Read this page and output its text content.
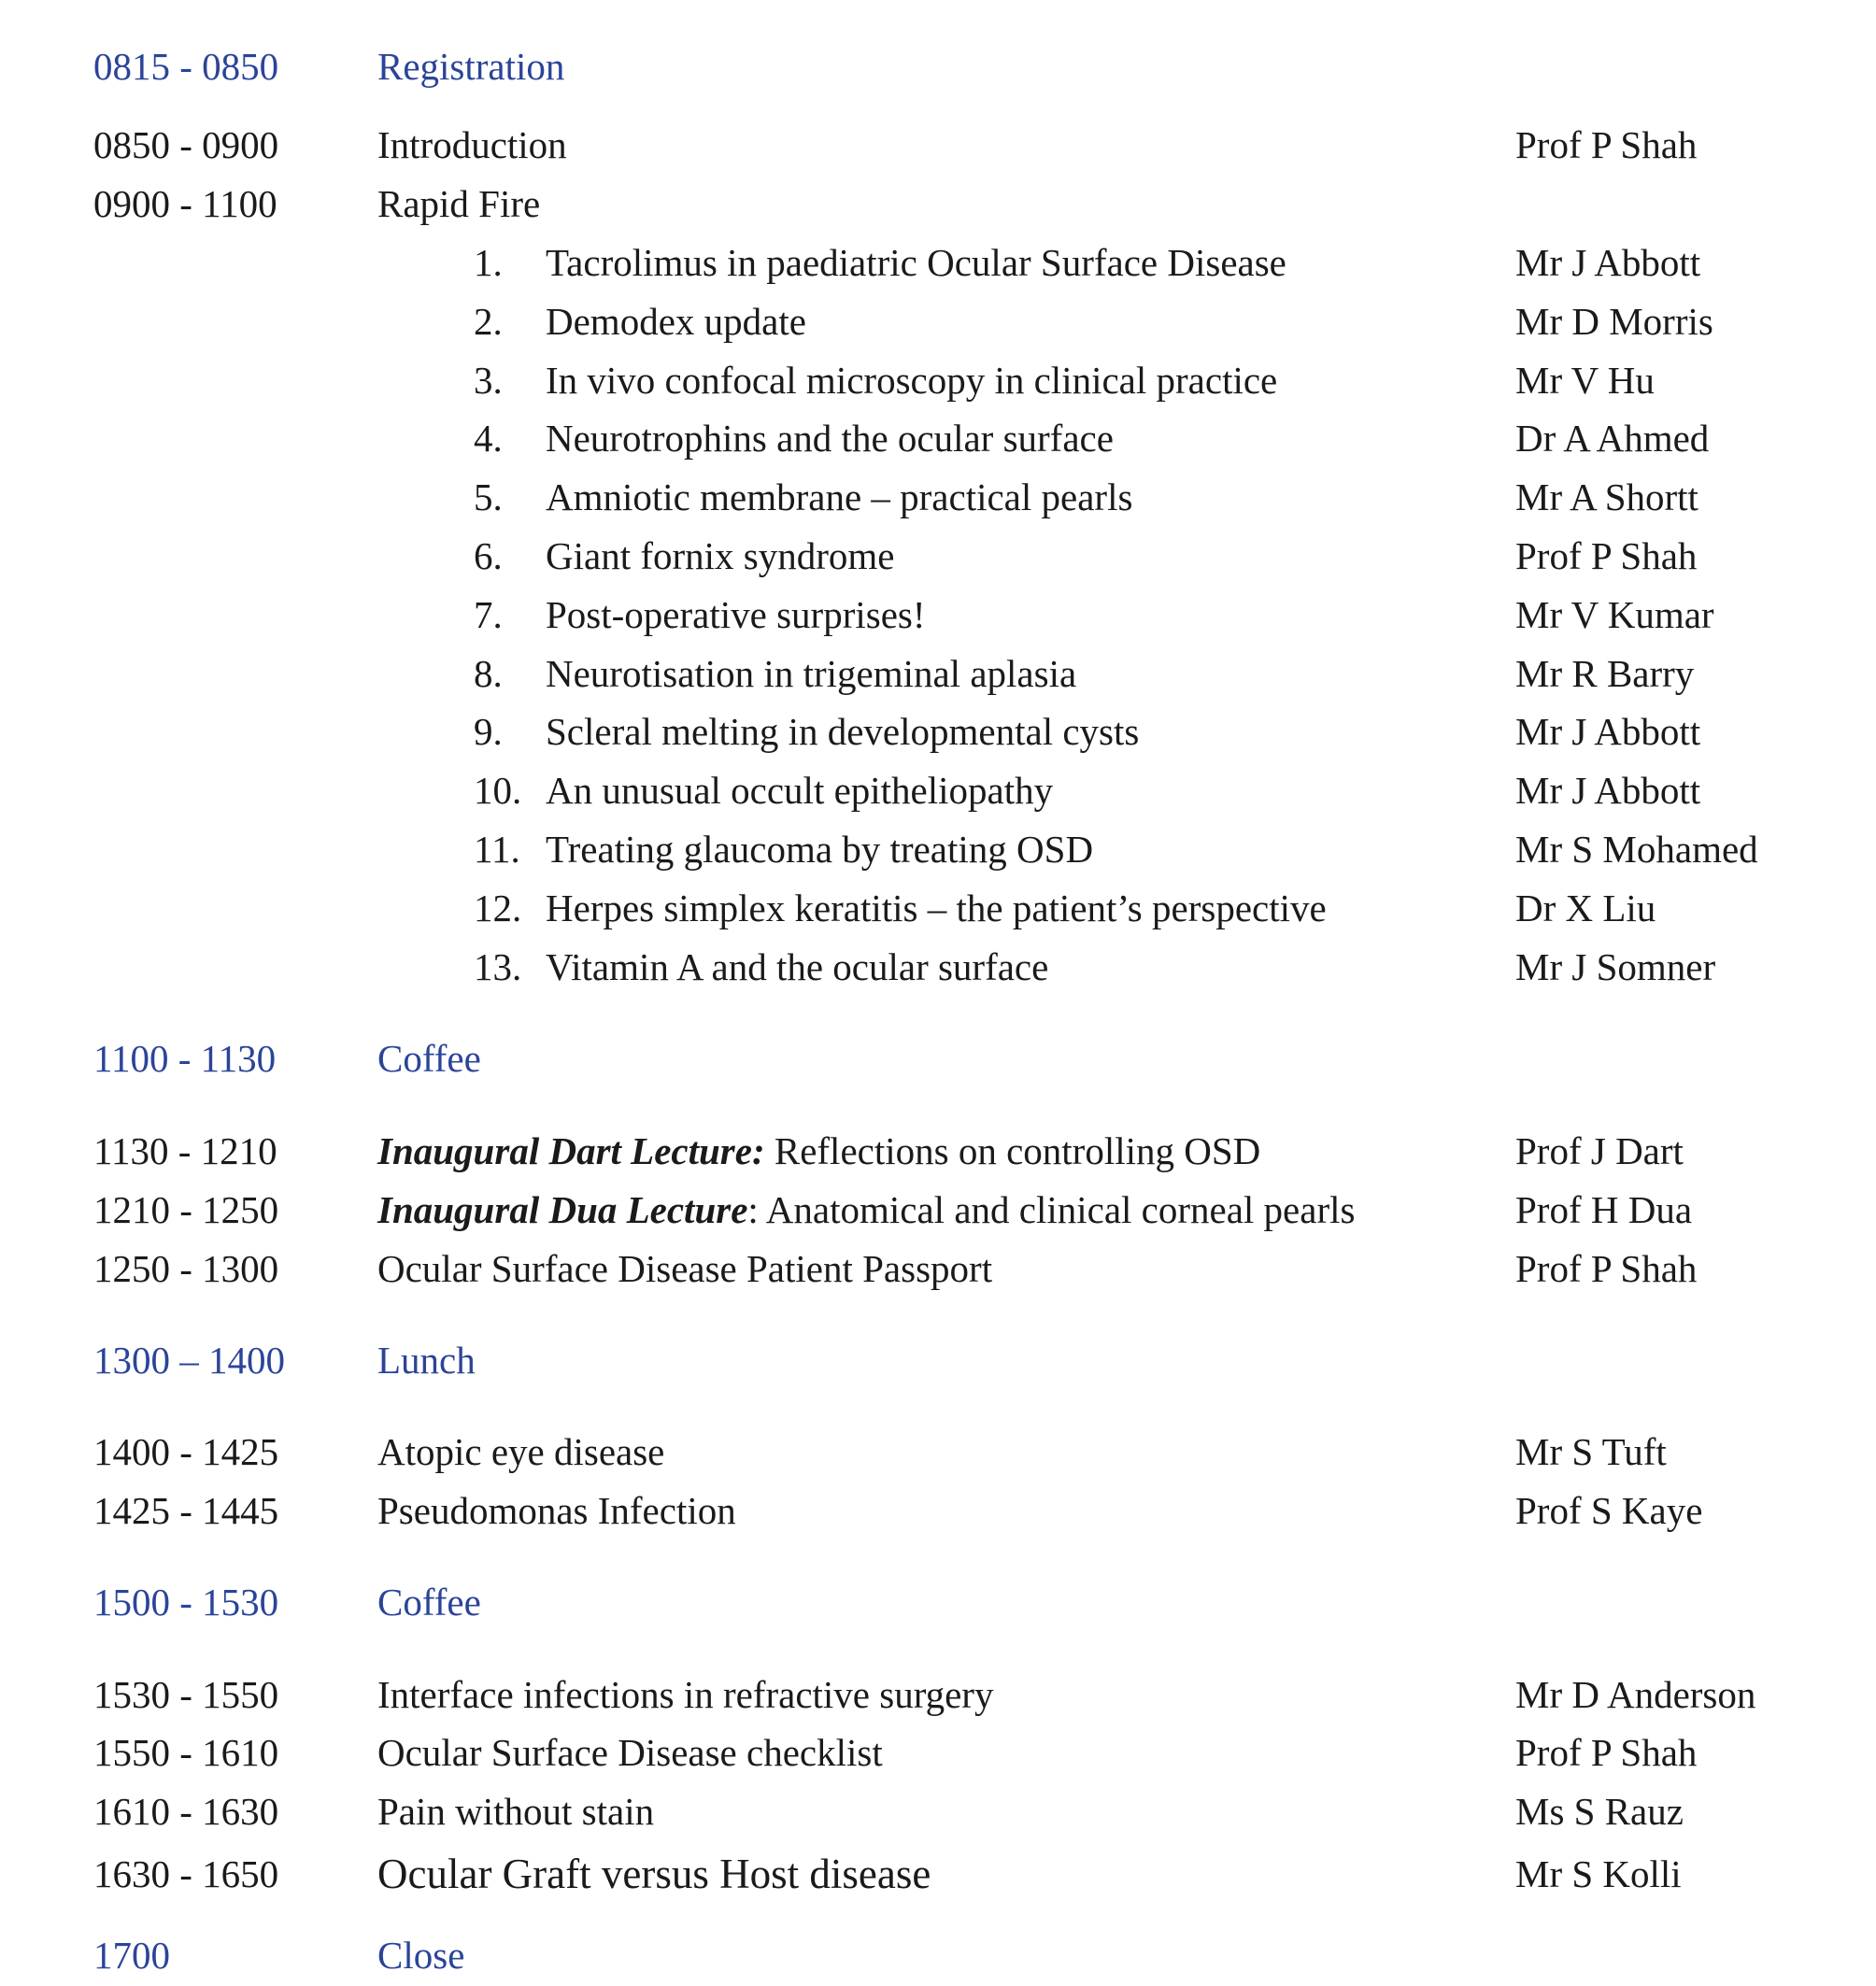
0815 - 0850	Registration
0850 - 0900	Introduction	Prof P Shah
0900 - 1100	Rapid Fire
1. Tacrolimus in paediatric Ocular Surface Disease	Mr J Abbott
2. Demodex update	Mr D Morris
3. In vivo confocal microscopy in clinical practice	Mr V Hu
4. Neurotrophins and the ocular surface	Dr A Ahmed
5. Amniotic membrane – practical pearls	Mr A Shortt
6. Giant fornix syndrome	Prof P Shah
7. Post-operative surprises!	Mr V Kumar
8. Neurotisation in trigeminal aplasia	Mr R Barry
9. Scleral melting in developmental cysts	Mr J Abbott
10. An unusual occult epitheliopathy	Mr J Abbott
11. Treating glaucoma by treating OSD	Mr S Mohamed
12. Herpes simplex keratitis – the patient’s perspective	Dr X Liu
13. Vitamin A and the ocular surface	Mr J Somner
1100 - 1130	Coffee
1130 - 1210	Inaugural Dart Lecture: Reflections on controlling OSD	Prof J Dart
1210 - 1250	Inaugural Dua Lecture: Anatomical and clinical corneal pearls	Prof H Dua
1250 - 1300	Ocular Surface Disease Patient Passport	Prof P Shah
1300 – 1400 Lunch
1400 - 1425	Atopic eye disease	Mr S Tuft
1425 - 1445	Pseudomonas Infection	Prof S Kaye
1500 - 1530	Coffee
1530 - 1550	Interface infections in refractive surgery	Mr D Anderson
1550 - 1610	Ocular Surface Disease checklist	Prof P Shah
1610 - 1630	Pain without stain	Ms S Rauz
1630 - 1650 Ocular Graft versus Host disease	Mr S Kolli
1700	Close
